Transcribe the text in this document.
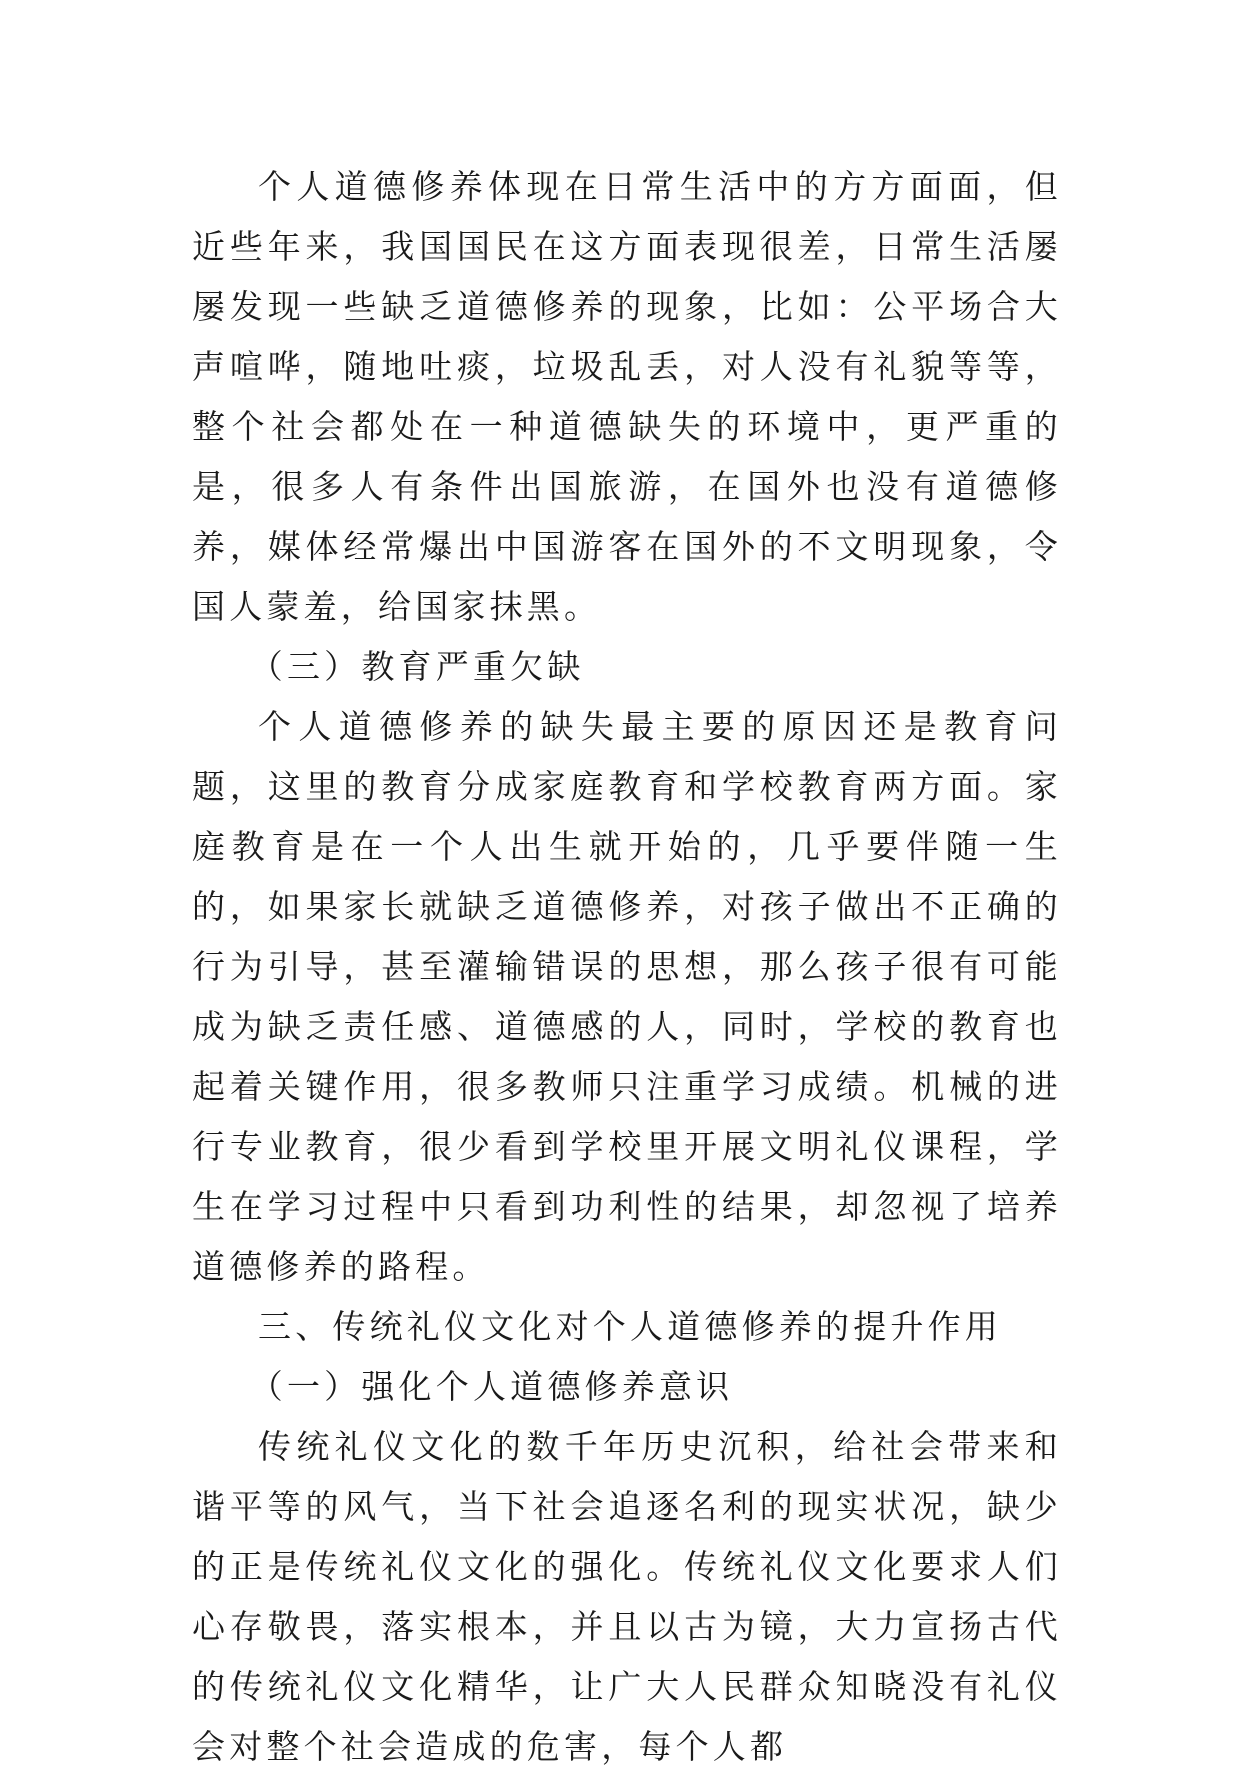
个人道德修养体现在日常生活中的方方面面，但近些年来，我国国民在这方面表现很差，日常生活屡屡发现一些缺乏道德修养的现象，比如：公平场合大声喧哗，随地吐痰，垃圾乱丢，对人没有礼貌等等，整个社会都处在一种道德缺失的环境中，更严重的是，很多人有条件出国旅游，在国外也没有道德修养，媒体经常爆出中国游客在国外的不文明现象，令国人蒙羞，给国家抹黑。

（三）教育严重欠缺

个人道德修养的缺失最主要的原因还是教育问题，这里的教育分成家庭教育和学校教育两方面。家庭教育是在一个人出生就开始的，几乎要伴随一生的，如果家长就缺乏道德修养，对孩子做出不正确的行为引导，甚至灌输错误的思想，那么孩子很有可能成为缺乏责任感、道德感的人，同时，学校的教育也起着关键作用，很多教师只注重学习成绩。机械的进行专业教育，很少看到学校里开展文明礼仪课程，学生在学习过程中只看到功利性的结果，却忽视了培养道德修养的路程。

三、传统礼仪文化对个人道德修养的提升作用

（一）强化个人道德修养意识

传统礼仪文化的数千年历史沉积，给社会带来和谐平等的风气，当下社会追逐名利的现实状况，缺少的正是传统礼仪文化的强化。传统礼仪文化要求人们心存敬畏，落实根本，并且以古为镜，大力宣扬古代的传统礼仪文化精华，让广大人民群众知晓没有礼仪会对整个社会造成的危害，每个人都
